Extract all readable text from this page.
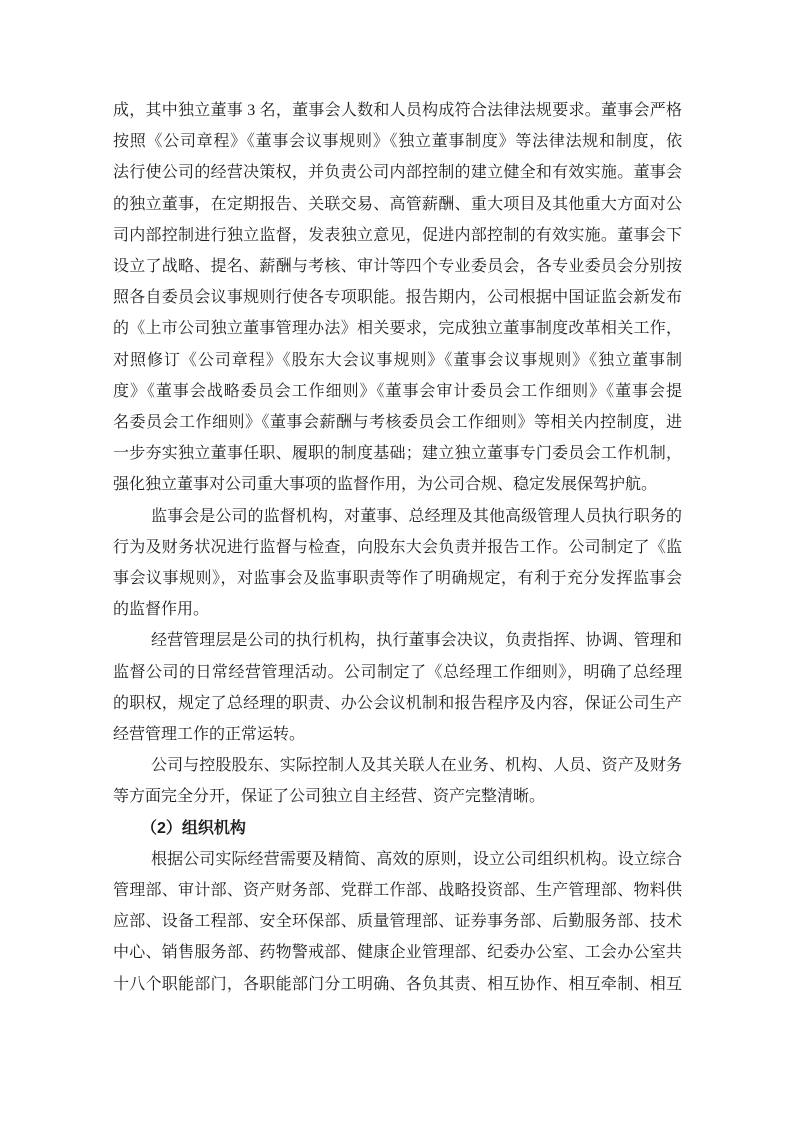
成，其中独立董事 3 名，董事会人数和人员构成符合法律法规要求。董事会严格
按照《公司章程》《董事会议事规则》《独立董事制度》等法律法规和制度，依
法行使公司的经营决策权，并负责公司内部控制的建立健全和有效实施。董事会
的独立董事，在定期报告、关联交易、高管薪酬、重大项目及其他重大方面对公
司内部控制进行独立监督，发表独立意见，促进内部控制的有效实施。董事会下
设立了战略、提名、薪酬与考核、审计等四个专业委员会，各专业委员会分别按
照各自委员会议事规则行使各专项职能。报告期内，公司根据中国证监会新发布
的《上市公司独立董事管理办法》相关要求，完成独立董事制度改革相关工作，
对照修订《公司章程》《股东大会议事规则》《董事会议事规则》《独立董事制
度》《董事会战略委员会工作细则》《董事会审计委员会工作细则》《董事会提
名委员会工作细则》《董事会薪酬与考核委员会工作细则》等相关内控制度，进
一步夯实独立董事任职、履职的制度基础；建立独立董事专门委员会工作机制，
强化独立董事对公司重大事项的监督作用，为公司合规、稳定发展保驾护航。
监事会是公司的监督机构，对董事、总经理及其他高级管理人员执行职务的
行为及财务状况进行监督与检查，向股东大会负责并报告工作。公司制定了《监
事会议事规则》，对监事会及监事职责等作了明确规定，有利于充分发挥监事会
的监督作用。
经营管理层是公司的执行机构，执行董事会决议，负责指挥、协调、管理和
监督公司的日常经营管理活动。公司制定了《总经理工作细则》，明确了总经理
的职权，规定了总经理的职责、办公会议机制和报告程序及内容，保证公司生产
经营管理工作的正常运转。
公司与控股股东、实际控制人及其关联人在业务、机构、人员、资产及财务
等方面完全分开，保证了公司独立自主经营、资产完整清晰。
（2）组织机构
根据公司实际经营需要及精简、高效的原则，设立公司组织机构。设立综合
管理部、审计部、资产财务部、党群工作部、战略投资部、生产管理部、物料供
应部、设备工程部、安全环保部、质量管理部、证券事务部、后勤服务部、技术
中心、销售服务部、药物警戒部、健康企业管理部、纪委办公室、工会办公室共
十八个职能部门，各职能部门分工明确、各负其责、相互协作、相互牵制、相互
